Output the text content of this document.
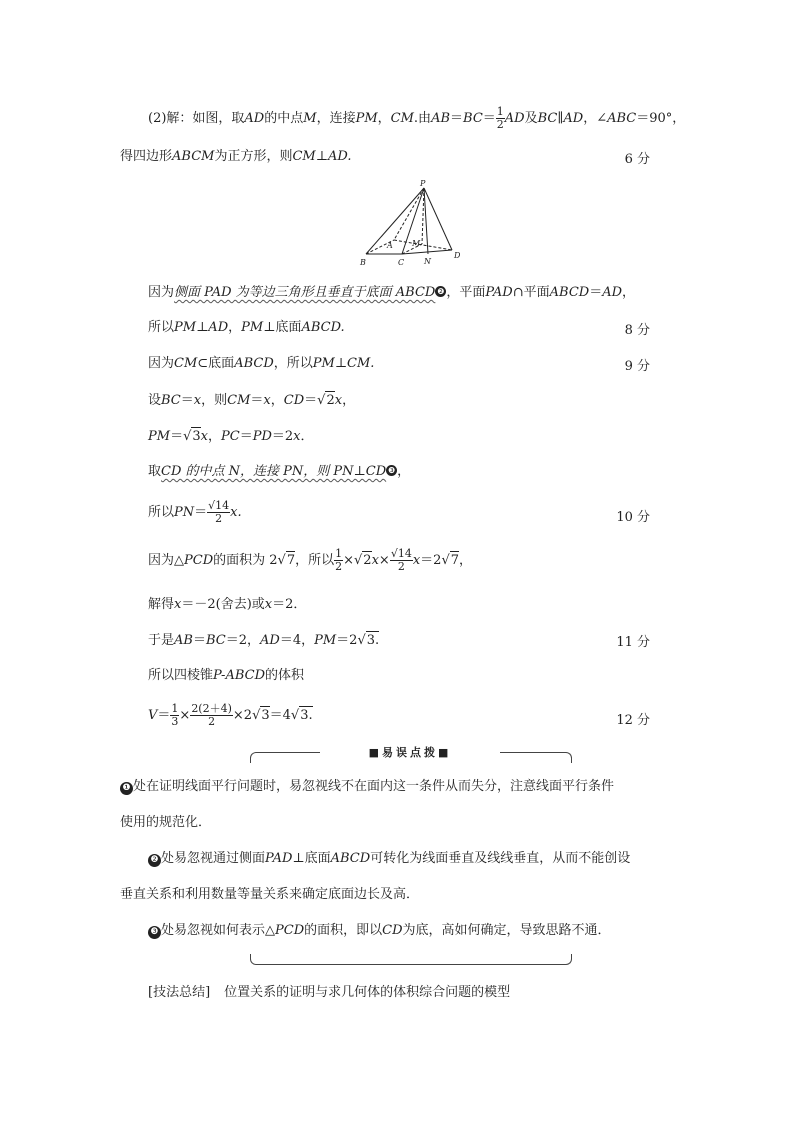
(2)解：如图，取AD的中点M，连接PM，CM.由$AB=BC= \frac{1}{2}$ AD及BC∥AD，∠ABC＝90°，
得四边形ABCM为正方形，则CM⊥AD.	6 分
P
A M
B	C N
D
因为侧面 PAD 为等边三角形且垂直于底面 ABCD ❷ ，平面PAD∩平面ABCD＝AD，
所以PM⊥AD，PM⊥底面ABCD.	8 分
因为CM⊂底面ABCD，所以PM⊥CM.	9 分
设BC＝x，则CM＝x，CD＝√2x，
PM＝√3x，PC＝PD＝2x．
取CD 的中点 N，连接 PN，则 PN⊥CD ❸ ，
所以$PN= \frac{√14}{2} x$.	10 分
因为△PCD的面积为 2√7，所以 $\frac{1}{2} \times√2x\times \frac{√14}{2} x=2√7$，
解得x＝－2(舍去)或x＝2．
于是AB＝BC＝2，AD＝4，PM＝2√3.	11 分
所以四棱锥P-ABCD的体积
$V= \frac{1}{3} \times \frac{2(2+4)}{2} \times 2√3=4√3$.	12 分
■易误点拨■
❶ 处在证明线面平行问题时，易忽视线不在面内这一条件从而失分，注意线面平行条件
使用的规范化．
❷ 处易忽视通过侧面PAD⊥底面ABCD可转化为线面垂直及线线垂直，从而不能创设
垂直关系和利用数量等量关系来确定底面边长及高．
❸ 处易忽视如何表示△PCD的面积，即以CD为底，高如何确定，导致思路不通．
[技法总结] 位置关系的证明与求几何体的体积综合问题的模型
